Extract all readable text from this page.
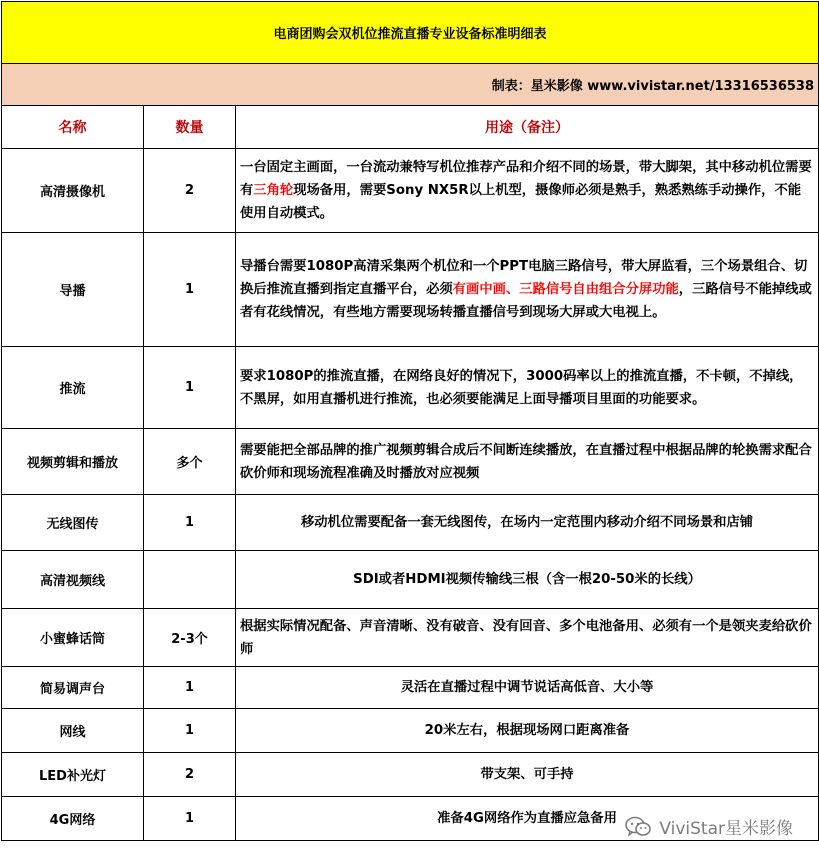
电商团购会双机位推流直播专业设备标准明细表		
制表：星米影像 www.vivistar.net/13316536538		
名称	数量	用途（备注）
高清摄像机	2	一台固定主画面，一台流动兼特写机位推荐产品和介绍不同的场景，带大脚架，其中移动机位需要有三角轮现场备用，需要Sony NX5R以上机型，摄像师必须是熟手，熟悉熟练手动操作，不能使用自动模式。
导播	1	导播台需要1080P高清采集两个机位和一个PPT电脑三路信号，带大屏监看，三个场景组合、切换后推流直播到指定直播平台，必须有画中画、三路信号自由组合分屏功能，三路信号不能掉线或者有花线情况，有些地方需要现场转播直播信号到现场大屏或大电视上。
推流	1	要求1080P的推流直播，在网络良好的情况下，3000码率以上的推流直播，不卡顿，不掉线，不黑屏，如用直播机进行推流，也必须要能满足上面导播项目里面的功能要求。
视频剪辑和播放	多个	需要能把全部品牌的推广视频剪辑合成后不间断连续播放，在直播过程中根据品牌的轮换需求配合砍价师和现场流程准确及时播放对应视频
无线图传	1	移动机位需要配备一套无线图传，在场内一定范围内移动介绍不同场景和店铺
高清视频线		SDI或者HDMI视频传输线三根（含一根20-50米的长线）
小蜜蜂话筒	2-3个	根据实际情况配备、声音清晰、没有破音、没有回音、多个电池备用、必须有一个是领夹麦给砍价师
简易调声台	1	灵活在直播过程中调节说话高低音、大小等
网线	1	20米左右，根据现场网口距离准备
LED补光灯	2	带支架、可手持
4G网络	1	准备4G网络作为直播应急备用
ViviStar星米影像
